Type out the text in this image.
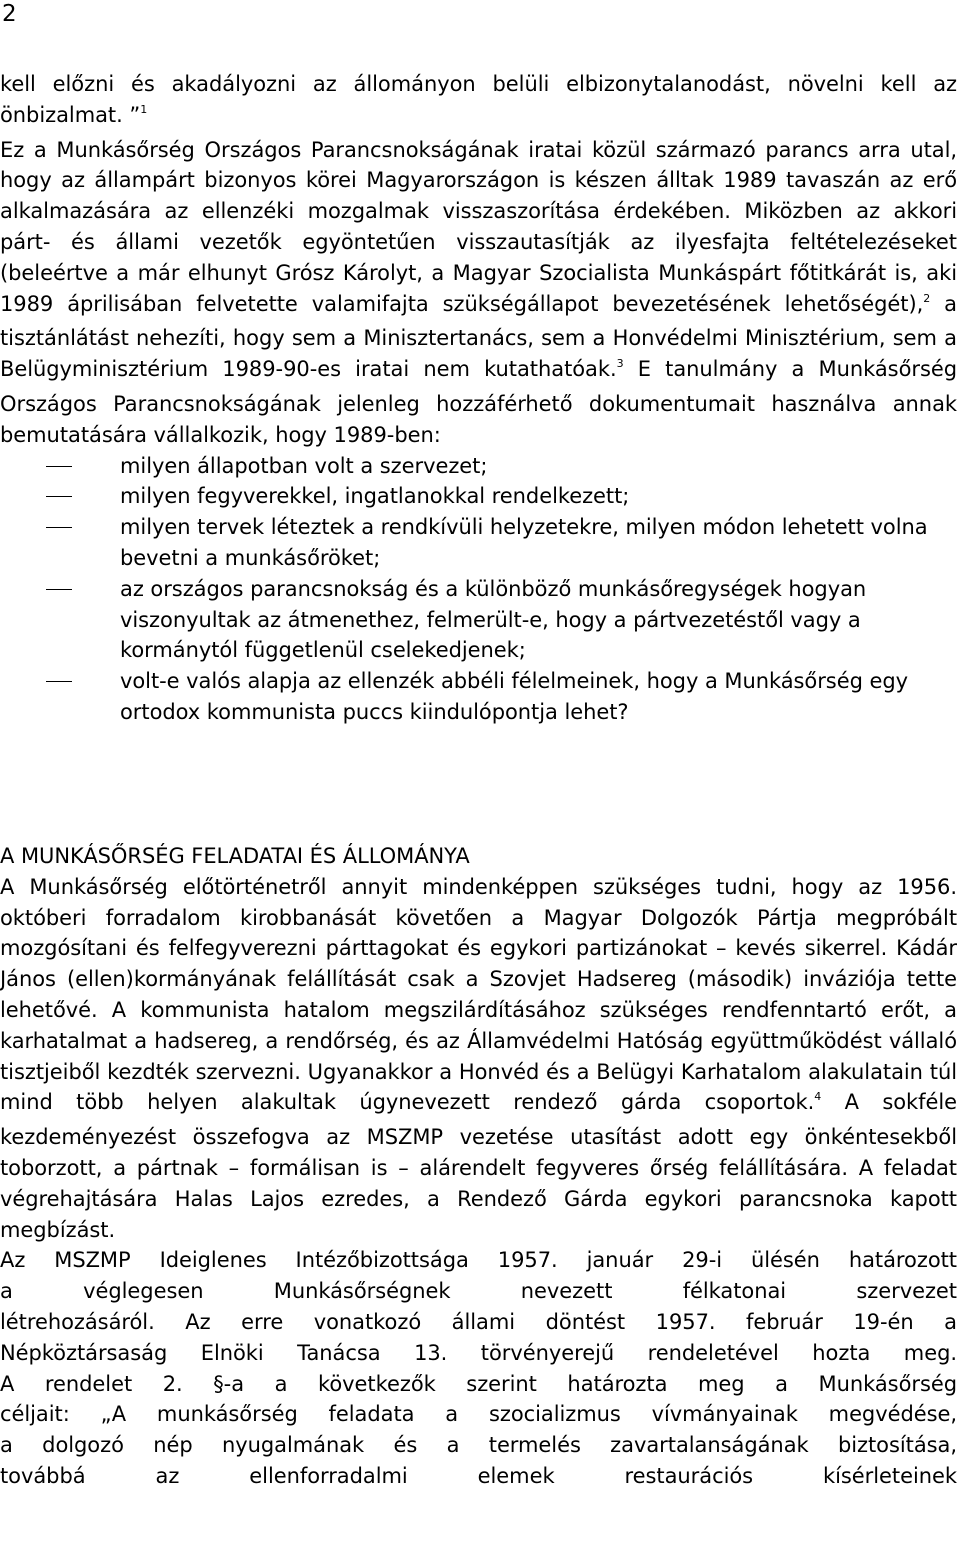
2

kell előzni és akadályozni az állományon belüli elbizonytalanodást, növelni kell az önbizalmat. ”$^1$

Ez a Munkásőrség Országos Parancsnokságának iratai közül származó parancs arra utal, hogy az állampárt bizonyos körei Magyarországon is készen álltak 1989 tavaszán az erő alkalmazására az ellenzéki mozgalmak visszaszorítása érdekében. Miközben az akkori párt- és állami vezetők egyöntetűen visszautasítják az ilyesfajta feltételezéseket (beleértve a már elhunyt Grósz Károlyt, a Magyar Szocialista Munkáspárt főtitkárát is, aki 1989 áprilisában felvetette valamifajta szükségállapot bevezetésének lehetőségét),$^2$ a tisztánlátást nehezíti, hogy sem a Minisztertanács, sem a Honvédelmi Minisztérium, sem a Belügyminisztérium 1989-90-es iratai nem kutathatóak.$^3$ E tanulmány a Munkásőrség Országos Parancsnokságának jelenleg hozzáférhető dokumentumait használva annak bemutatására vállalkozik, hogy 1989-ben:

milyen állapotban volt a szervezet;
milyen fegyverekkel, ingatlanokkal rendelkezett;
milyen tervek léteztek a rendkívüli helyzetekre, milyen módon lehetett volna bevetni a munkásőröket;
az országos parancsnokság és a különböző munkásőregységek hogyan viszonyultak az átmenethez, felmerült-e, hogy a pártvezetéstől vagy a kormánytól függetlenül cselekedjenek;
volt-e valós alapja az ellenzék abbéli félelmeinek, hogy a Munkásőrség egy ortodox kommunista puccs kiindulópontja lehet?
A MUNKÁSŐRSÉG FELADATAI ÉS ÁLLOMÁNYA

A Munkásőrség előtörténetről annyit mindenképpen szükséges tudni, hogy az 1956. októberi forradalom kirobbanását követően a Magyar Dolgozók Pártja megpróbált mozgósítani és felfegyverezni párttagokat és egykori partizánokat – kevés sikerrel. Kádár János (ellen)kormányának felállítását csak a Szovjet Hadsereg (második) inváziója tette lehetővé. A kommunista hatalom megszilárdításához szükséges rendfenntartó erőt, a karhatalmat a hadsereg, a rendőrség, és az Államvédelmi Hatóság együttműködést vállaló tisztjeiből kezdték szervezni. Ugyanakkor a Honvéd és a Belügyi Karhatalom alakulatain túl mind több helyen alakultak úgynevezett rendező gárda csoportok.$^4$ A sokféle kezdeményezést összefogva az MSZMP vezetése utasítást adott egy önkéntesekből toborzott, a pártnak – formálisan is – alárendelt fegyveres őrség felállítására. A feladat végrehajtására Halas Lajos ezredes, a Rendező Gárda egykori parancsnoka kapott megbízást.

Az MSZMP Ideiglenes Intézőbizottsága 1957. január 29-i ülésén határozott
a véglegesen Munkásőrségnek nevezett félkatonai szervezet
létrehozásáról. Az erre vonatkozó állami döntést 1957. február 19-én a
Népköztársaság Elnöki Tanácsa 13. törvényerejű rendeletével hozta meg.
A rendelet 2. §-a a következők szerint határozta meg a Munkásőrség
céljait: „A munkásőrség feladata a szocializmus vívmányainak megvédése,
a dolgozó nép nyugalmának és a termelés zavartalanságának biztosítása,
továbbá az ellenforradalmi elemek restaurációs kísérleteinek
